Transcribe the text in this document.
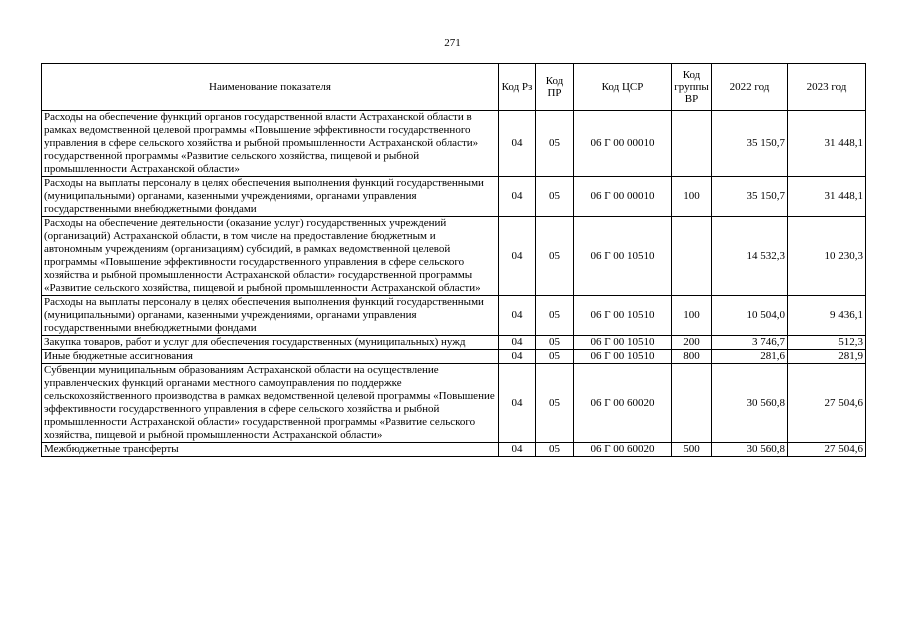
271
Наименование показателя	Код Рз	Код ПР	Код ЦСР	Код группы ВР	2022 год	2023 год
Расходы на обеспечение функций органов государственной власти Астраханской области в рамках ведомственной целевой программы «Повышение эффективности государственного управления в сфере сельского хозяйства и рыбной промышленности Астраханской области» государственной программы «Развитие сельского хозяйства, пищевой и рыбной промышленности Астраханской области»	04	05	06 Г 00 00010		35 150,7	31 448,1
Расходы на выплаты персоналу в целях обеспечения выполнения функций государственными (муниципальными) органами, казенными учреждениями, органами управления государственными внебюджетными фондами	04	05	06 Г 00 00010	100	35 150,7	31 448,1
Расходы на обеспечение деятельности (оказание услуг) государственных учреждений (организаций) Астраханской области, в том числе на предоставление бюджетным и автономным учреждениям (организациям) субсидий, в рамках ведомственной целевой программы «Повышение эффективности государственного управления в сфере сельского хозяйства и рыбной промышленности Астраханской области» государственной программы «Развитие сельского хозяйства, пищевой и рыбной промышленности Астраханской области»	04	05	06 Г 00 10510		14 532,3	10 230,3
Расходы на выплаты персоналу в целях обеспечения выполнения функций государственными (муниципальными) органами, казенными учреждениями, органами управления государственными внебюджетными фондами	04	05	06 Г 00 10510	100	10 504,0	9 436,1
Закупка товаров, работ и услуг для обеспечения государственных (муниципальных) нужд	04	05	06 Г 00 10510	200	3 746,7	512,3
Иные бюджетные ассигнования	04	05	06 Г 00 10510	800	281,6	281,9
Субвенции муниципальным образованиям Астраханской области на осуществление управленческих функций органами местного самоуправления по поддержке сельскохозяйственного производства в рамках ведомственной целевой программы «Повышение эффективности государственного управления в сфере сельского хозяйства и рыбной промышленности Астраханской области» государственной программы «Развитие сельского хозяйства, пищевой и рыбной промышленности Астраханской области»	04	05	06 Г 00 60020		30 560,8	27 504,6
Межбюджетные трансферты	04	05	06 Г 00 60020	500	30 560,8	27 504,6
